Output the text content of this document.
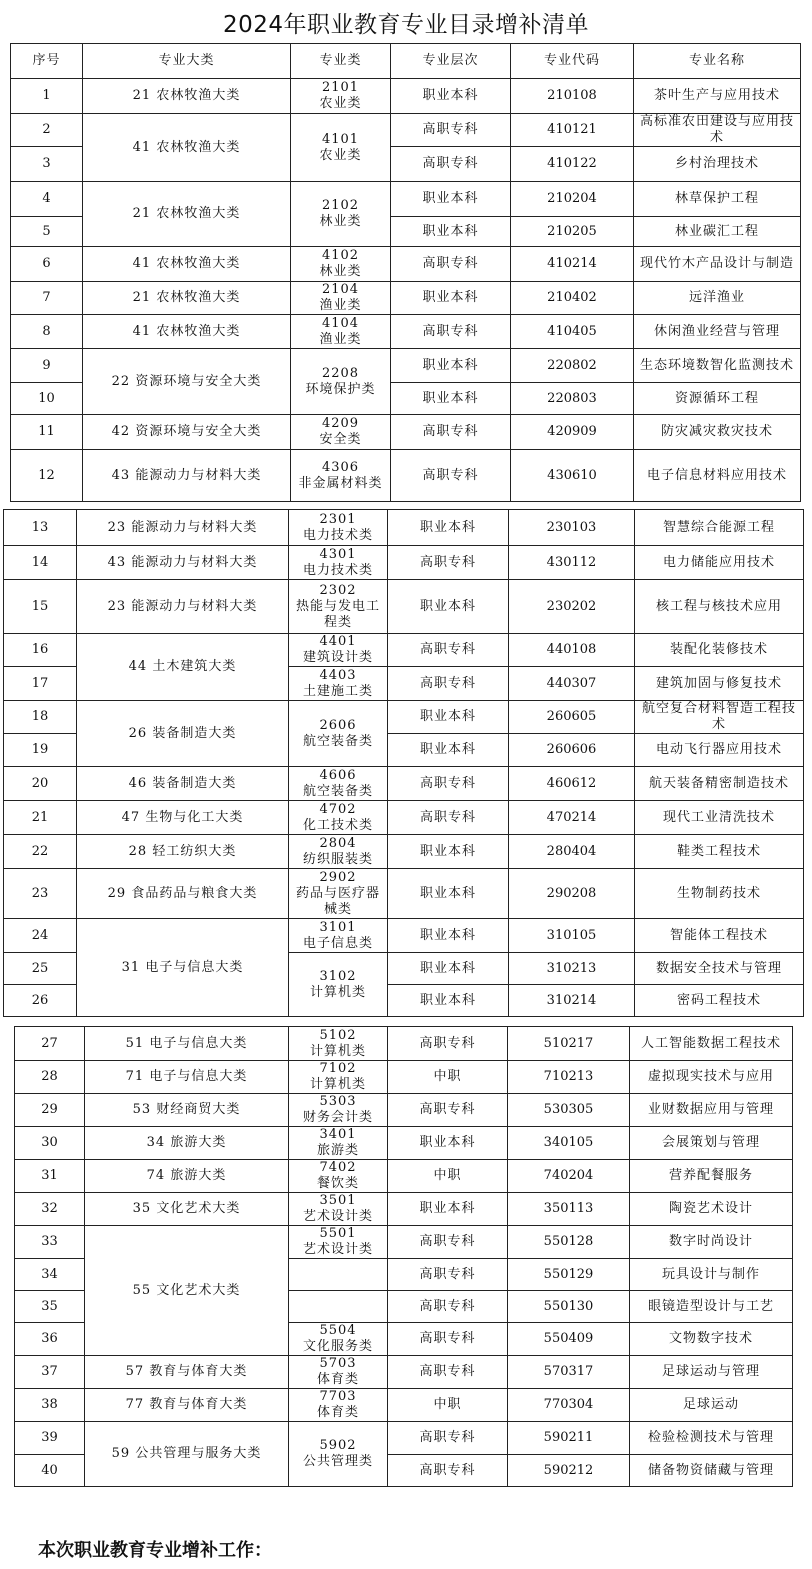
2024年职业教育专业目录增补清单
序号	专业大类	专业类	专业层次	专业代码	专业名称
1	21 农林牧渔大类	2101
农业类	职业本科	210108	茶叶生产与应用技术
2	41 农林牧渔大类	4101
农业类	高职专科	410121	高标准农田建设与应用技术
3			高职专科	410122	乡村治理技术
4	21 农林牧渔大类	2102
林业类	职业本科	210204	林草保护工程
5			职业本科	210205	林业碳汇工程
6	41 农林牧渔大类	4102
林业类	高职专科	410214	现代竹木产品设计与制造
7	21 农林牧渔大类	2104
渔业类	职业本科	210402	远洋渔业
8	41 农林牧渔大类	4104
渔业类	高职专科	410405	休闲渔业经营与管理
9	22 资源环境与安全大类	2208
环境保护类	职业本科	220802	生态环境数智化监测技术
10			职业本科	220803	资源循环工程
11	42 资源环境与安全大类	4209
安全类	高职专科	420909	防灾减灾救灾技术
12	43 能源动力与材料大类	4306
非金属材料类	高职专科	430610	电子信息材料应用技术
13	23 能源动力与材料大类	2301
电力技术类	职业本科	230103	智慧综合能源工程
14	43 能源动力与材料大类	4301
电力技术类	高职专科	430112	电力储能应用技术
15	23 能源动力与材料大类	2302
热能与发电工程类	职业本科	230202	核工程与核技术应用
16	44 土木建筑大类	4401
建筑设计类	高职专科	440108	装配化装修技术
17		4403
土建施工类	高职专科	440307	建筑加固与修复技术
18	26 装备制造大类	2606
航空装备类	职业本科	260605	航空复合材料智造工程技术
19			职业本科	260606	电动飞行器应用技术
20	46 装备制造大类	4606
航空装备类	高职专科	460612	航天装备精密制造技术
21	47 生物与化工大类	4702
化工技术类	高职专科	470214	现代工业清洗技术
22	28 轻工纺织大类	2804
纺织服装类	职业本科	280404	鞋类工程技术
23	29 食品药品与粮食大类	2902
药品与医疗器械类	职业本科	290208	生物制药技术
24	31 电子与信息大类	3101
电子信息类	职业本科	310105	智能体工程技术
25		3102
计算机类	职业本科	310213	数据安全技术与管理
26			职业本科	310214	密码工程技术
27	51 电子与信息大类	5102
计算机类	高职专科	510217	人工智能数据工程技术
28	71 电子与信息大类	7102
计算机类	中职	710213	虚拟现实技术与应用
29	53 财经商贸大类	5303
财务会计类	高职专科	530305	业财数据应用与管理
30	34 旅游大类	3401
旅游类	职业本科	340105	会展策划与管理
31	74 旅游大类	7402
餐饮类	中职	740204	营养配餐服务
32	35 文化艺术大类	3501
艺术设计类	职业本科	350113	陶瓷艺术设计
33	55 文化艺术大类	5501
艺术设计类	高职专科	550128	数字时尚设计
34			高职专科	550129	玩具设计与制作
35			高职专科	550130	眼镜造型设计与工艺
36		5504
文化服务类	高职专科	550409	文物数字技术
37	57 教育与体育大类	5703
体育类	高职专科	570317	足球运动与管理
38	77 教育与体育大类	7703
体育类	中职	770304	足球运动
39	59 公共管理与服务大类	5902
公共管理类	高职专科	590211	检验检测技术与管理
40			高职专科	590212	储备物资储藏与管理
本次职业教育专业增补工作：
